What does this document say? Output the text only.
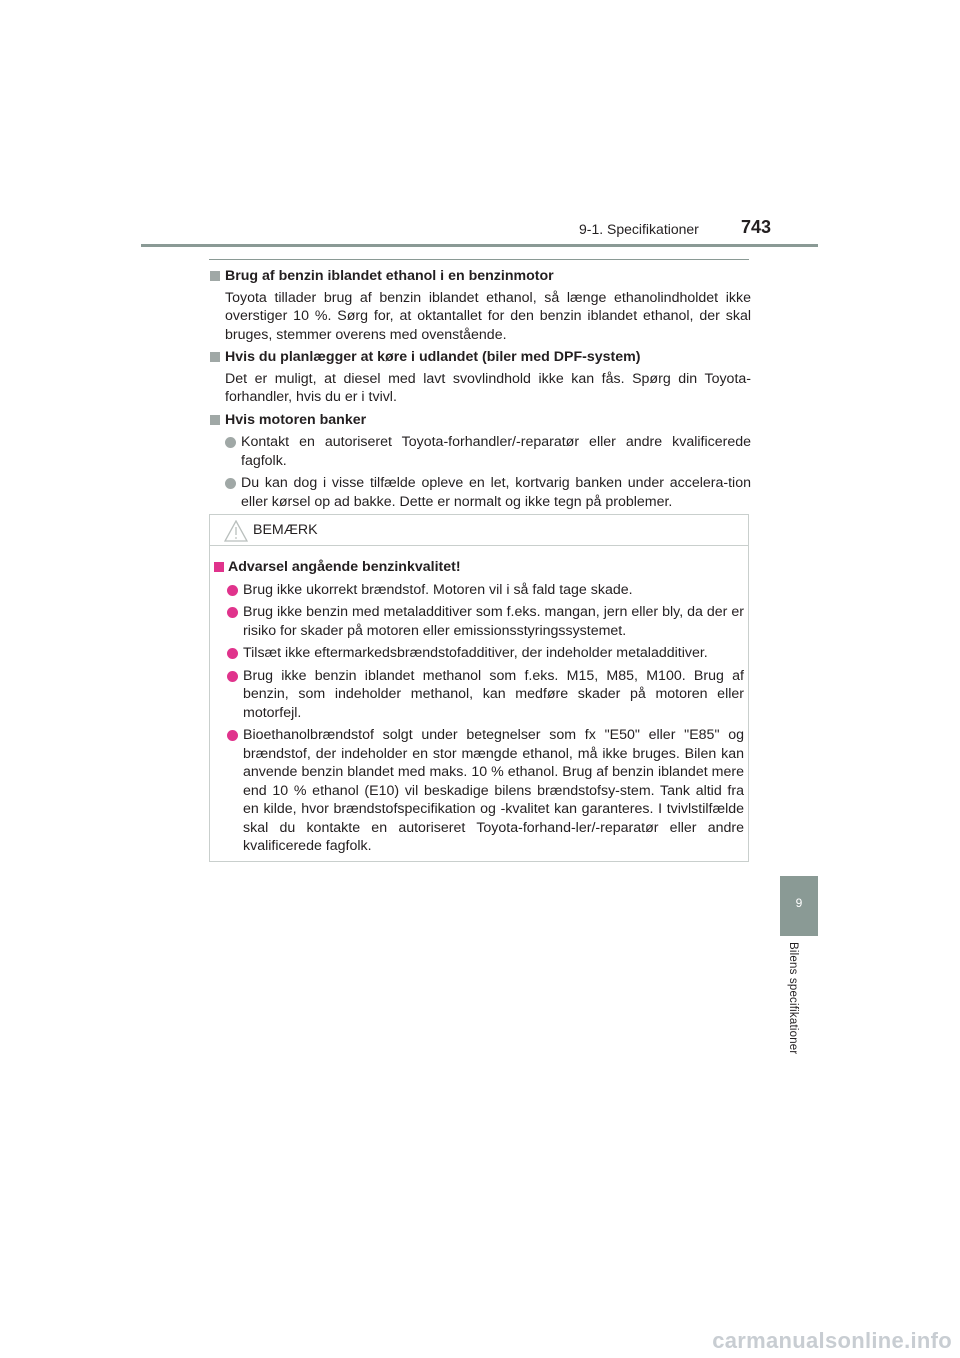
9-1. Specifikationer 743
Brug af benzin iblandet ethanol i en benzinmotor
Toyota tillader brug af benzin iblandet ethanol, så længe ethanolindholdet ikke overstiger 10 %. Sørg for, at oktantallet for den benzin iblandet ethanol, der skal bruges, stemmer overens med ovenstående.
Hvis du planlægger at køre i udlandet (biler med DPF-system)
Det er muligt, at diesel med lavt svovlindhold ikke kan fås. Spørg din Toyota-forhandler, hvis du er i tvivl.
Hvis motoren banker
Kontakt en autoriseret Toyota-forhandler/-reparatør eller andre kvalificerede fagfolk.
Du kan dog i visse tilfælde opleve en let, kortvarig banken under accelera-tion eller kørsel op ad bakke. Dette er normalt og ikke tegn på problemer.
BEMÆRK
Advarsel angående benzinkvalitet!
Brug ikke ukorrekt brændstof. Motoren vil i så fald tage skade.
Brug ikke benzin med metaladditiver som f.eks. mangan, jern eller bly, da der er risiko for skader på motoren eller emissionsstyringssystemet.
Tilsæt ikke eftermarkedsbrændstofadditiver, der indeholder metaladditiver.
Brug ikke benzin iblandet methanol som f.eks. M15, M85, M100. Brug af benzin, som indeholder methanol, kan medføre skader på motoren eller motorfejl.
Bioethanolbrændstof solgt under betegnelser som fx "E50" eller "E85" og brændstof, der indeholder en stor mængde ethanol, må ikke bruges. Bilen kan anvende benzin blandet med maks. 10 % ethanol. Brug af benzin iblandet mere end 10 % ethanol (E10) vil beskadige bilens brændstofsy-stem. Tank altid fra en kilde, hvor brændstofspecifikation og -kvalitet kan garanteres. I tvivlstilfælde skal du kontakte en autoriseret Toyota-forhand-ler/-reparatør eller andre kvalificerede fagfolk.
9
Bilens specifikationer
carmanualsonline.info
